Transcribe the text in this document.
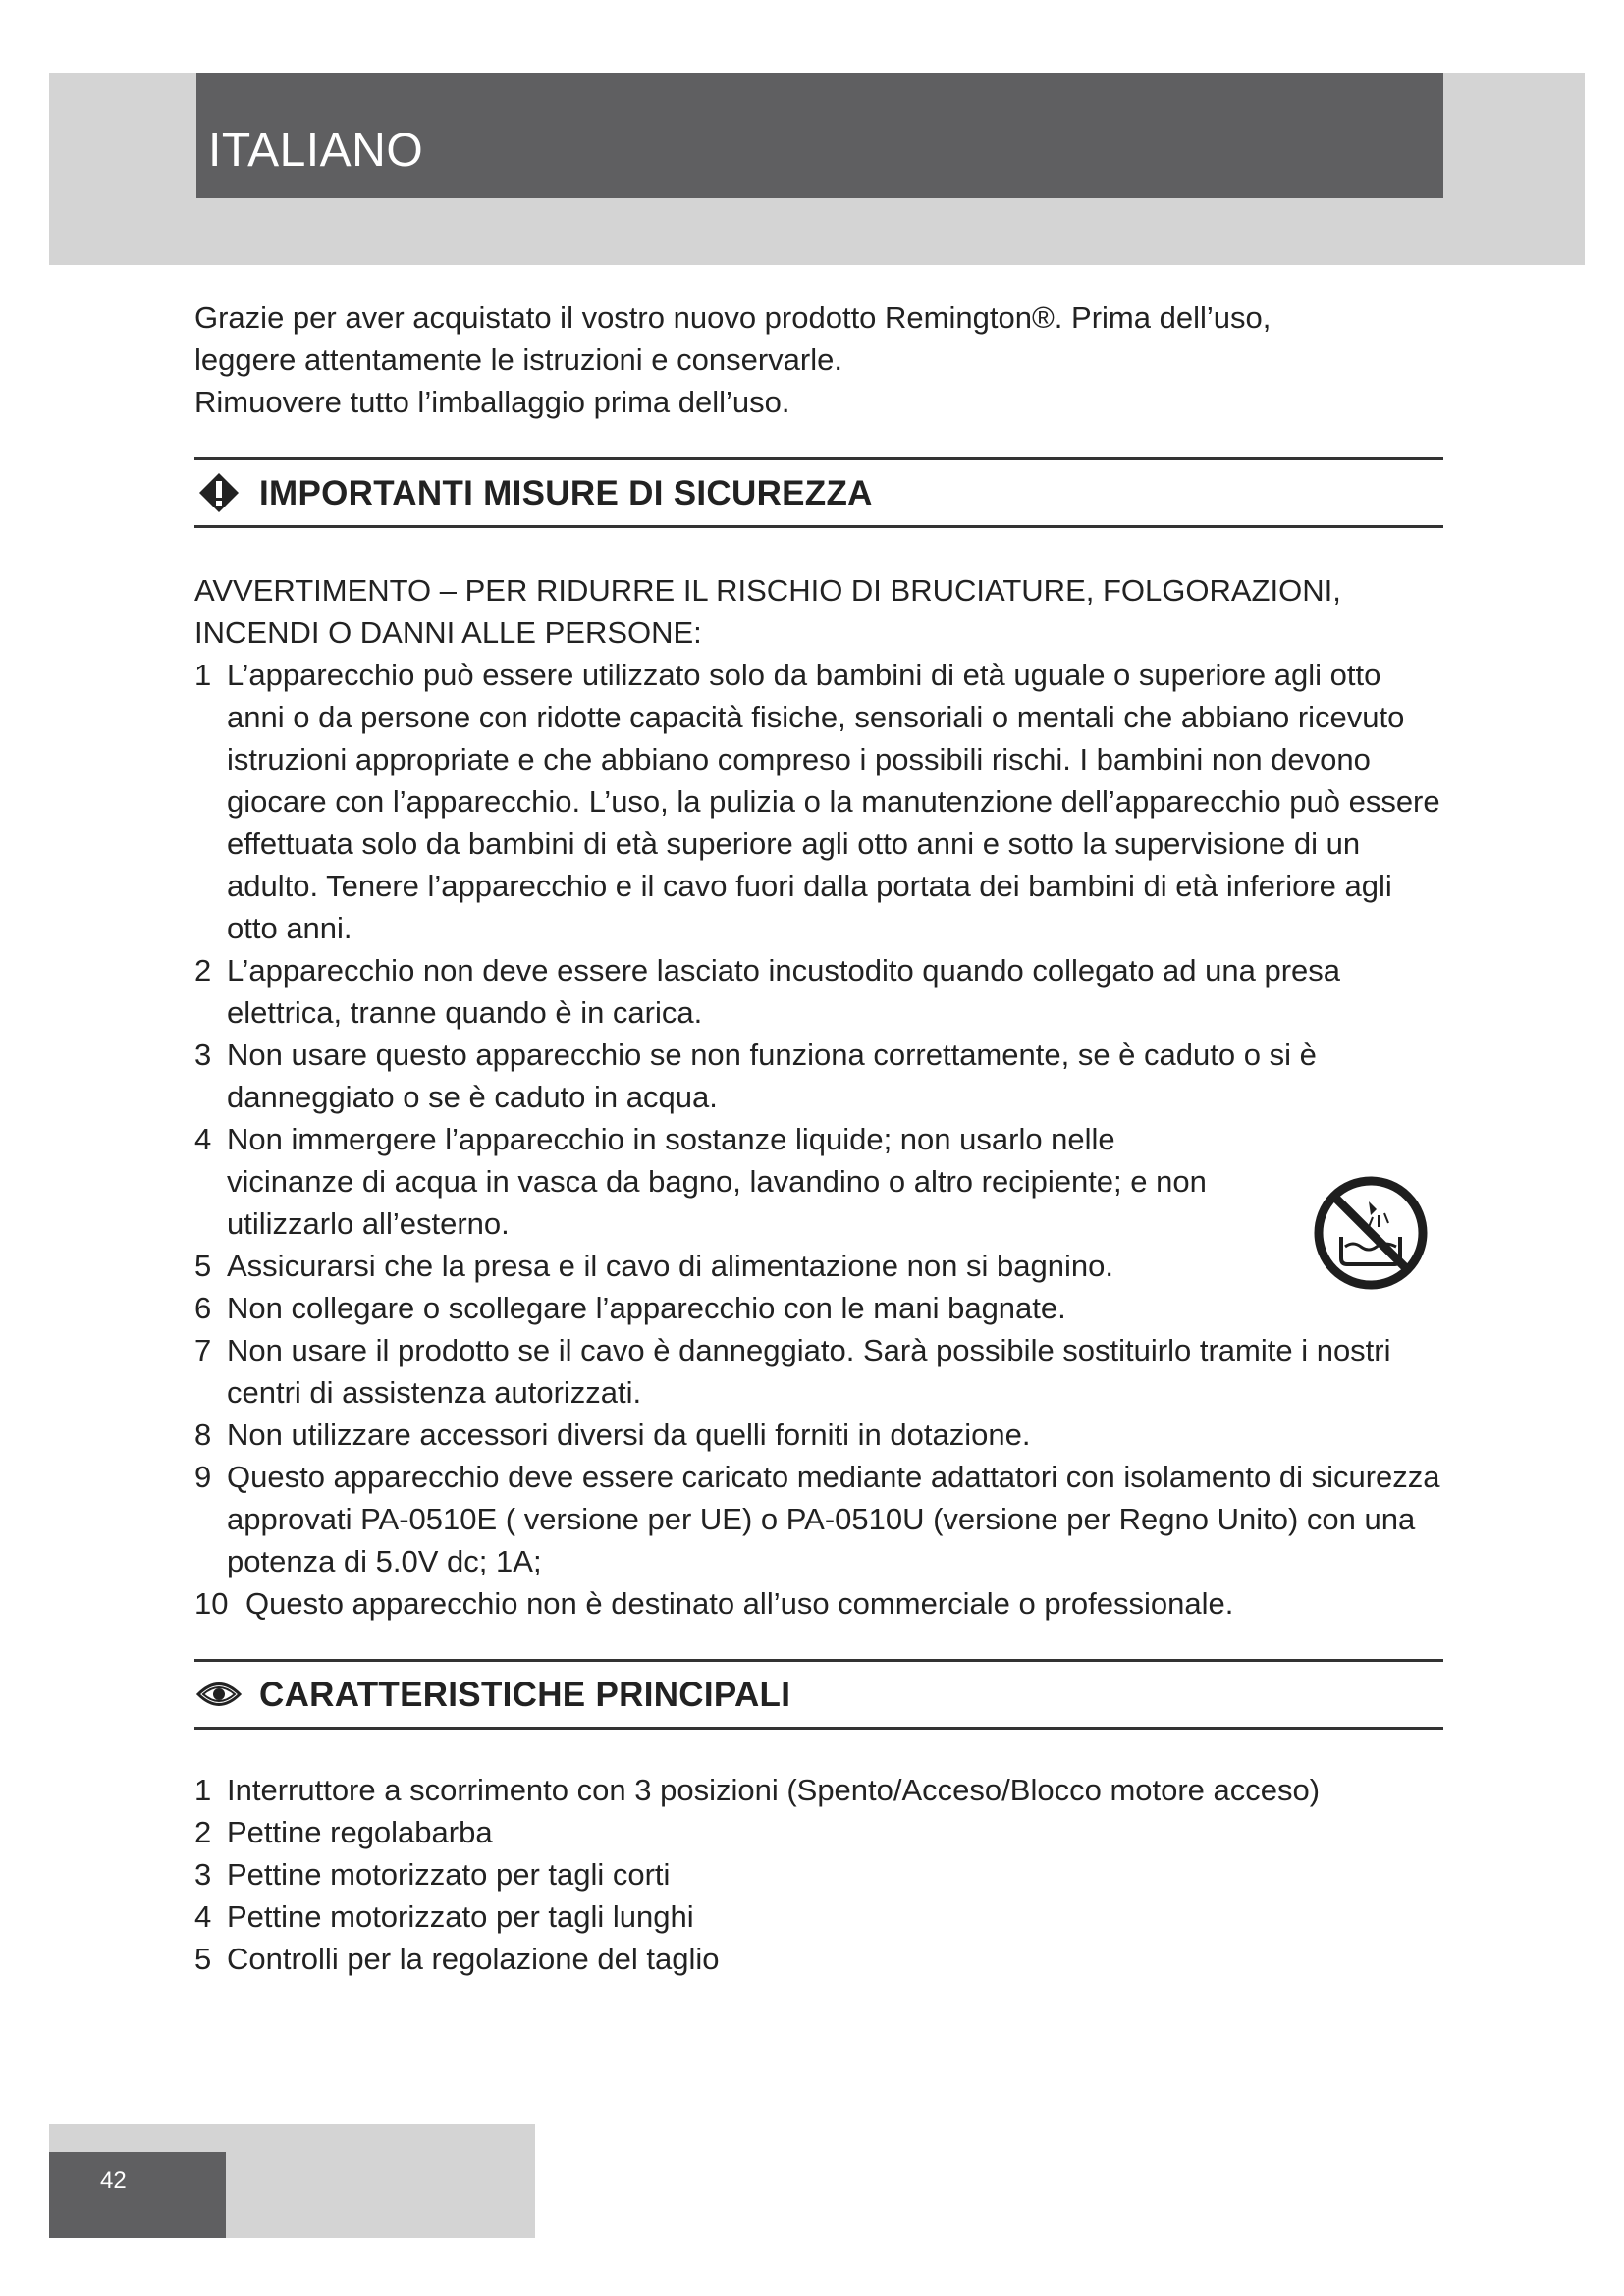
ITALIANO

Grazie per aver acquistato il vostro nuovo prodotto Remington®. Prima dell’uso,

leggere attentamente le istruzioni e conservarle.

Rimuovere tutto l’imballaggio prima dell’uso.

IMPORTANTI MISURE DI SICUREZZA
AVVERTIMENTO – PER RIDURRE IL RISCHIO DI BRUCIATURE, FOLGORAZIONI, INCENDI O DANNI ALLE PERSONE:
1 L’apparecchio può essere utilizzato solo da bambini di età uguale o superiore agli otto anni o da persone con ridotte capacità fisiche, sensoriali o mentali che abbiano ricevuto istruzioni appropriate e che abbiano compreso i possibili rischi. I bambini non devono giocare con l’apparecchio. L’uso, la pulizia o la manutenzione dell’apparecchio può essere effettuata solo da bambini di età superiore agli otto anni e sotto la supervisione di un adulto. Tenere l’apparecchio e il cavo fuori dalla portata dei bambini di età inferiore agli otto anni.
2 L’apparecchio non deve essere lasciato incustodito quando collegato ad una presa elettrica, tranne quando è in carica.
3 Non usare questo apparecchio se non funziona correttamente, se è caduto o si è danneggiato o se è caduto in acqua.
4 Non immergere l’apparecchio in sostanze liquide; non usarlo nelle vicinanze di acqua in vasca da bagno, lavandino o altro recipiente; e non utilizzarlo all’esterno.
5 Assicurarsi che la presa e il cavo di alimentazione non si bagnino.
6 Non collegare o scollegare l’apparecchio con le mani bagnate.
7 Non usare il prodotto se il cavo è danneggiato. Sarà possibile sostituirlo tramite i nostri centri di assistenza autorizzati.
8 Non utilizzare accessori diversi da quelli forniti in dotazione.
9 Questo apparecchio deve essere caricato mediante adattatori con isolamento di sicurezza approvati PA-0510E ( versione per UE) o PA-0510U (versione per Regno Unito) con una potenza di 5.0V dc; 1A;
10 Questo apparecchio non è destinato all’uso commerciale o professionale.
CARATTERISTICHE PRINCIPALI
1 Interruttore a scorrimento con 3 posizioni (Spento/Acceso/Blocco motore acceso)
2 Pettine regolabarba
3 Pettine motorizzato per tagli corti
4 Pettine motorizzato per tagli lunghi
5 Controlli per la regolazione del taglio
42
